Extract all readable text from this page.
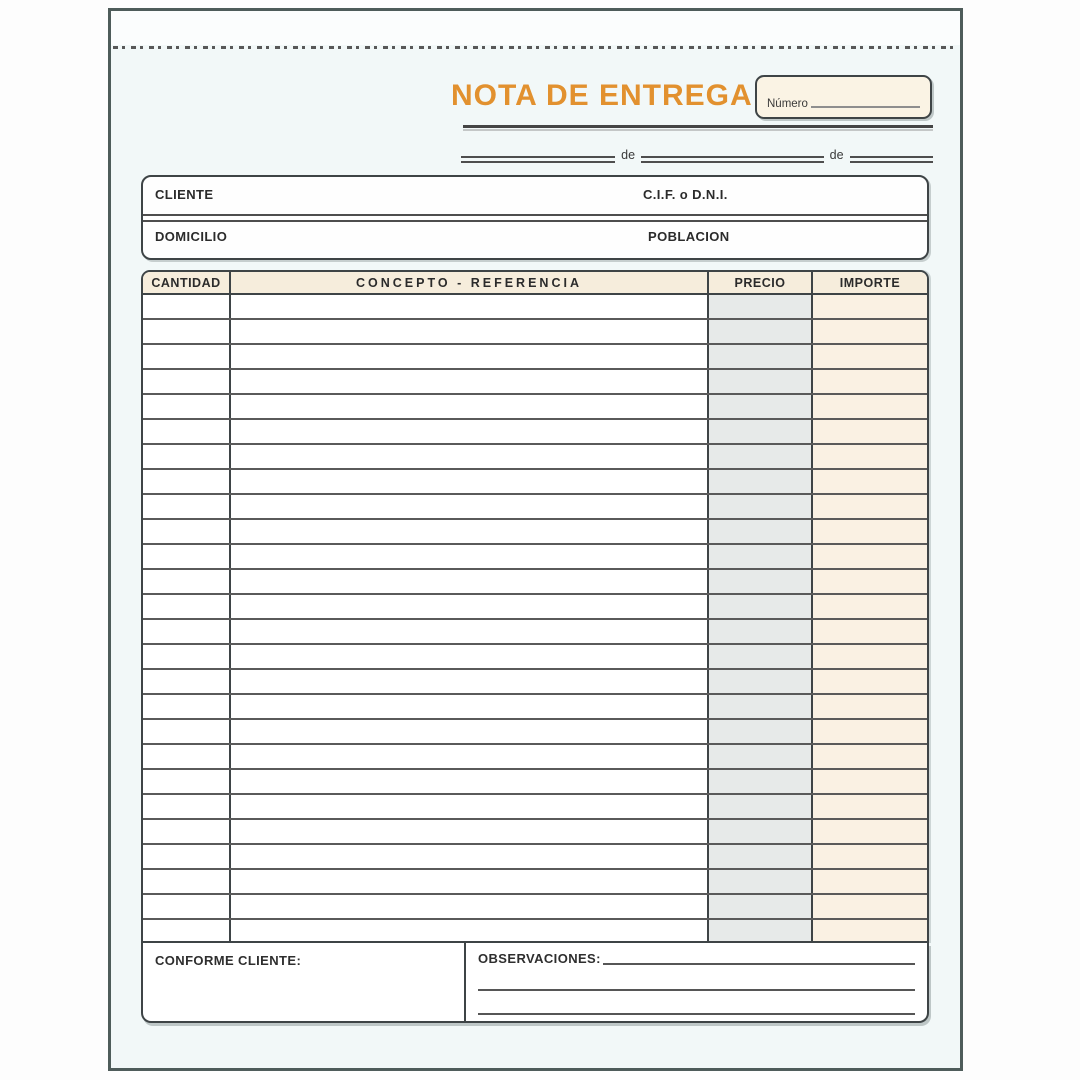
NOTA DE ENTREGA Número
de	de
CLIENTE	C.I.F. o D.N.I.
DOMICILIO	POBLACION
CANTIDAD	CONCEPTO - REFERENCIA	PRECIO	IMPORTE
CONFORME CLIENTE:	OBSERVACIONES:
